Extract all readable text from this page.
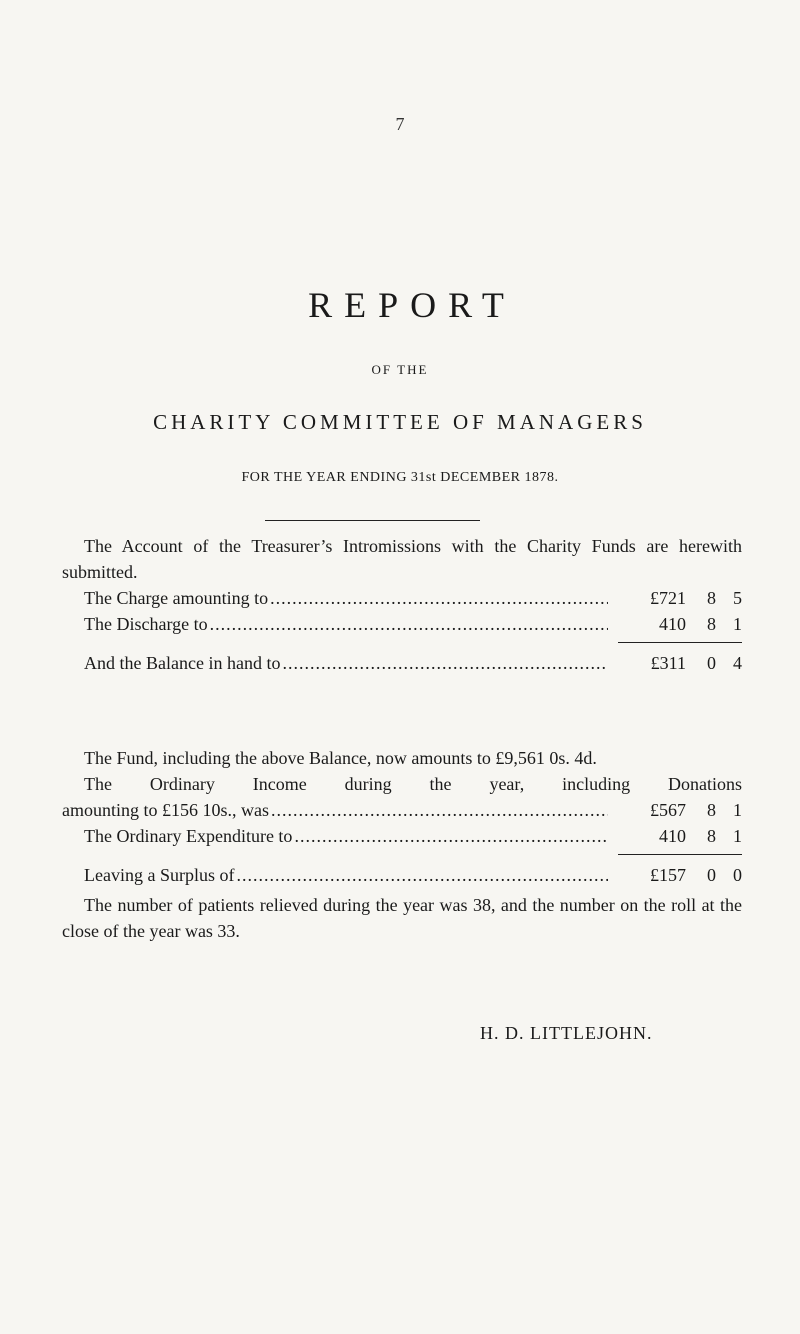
7
REPORT
OF THE
CHARITY COMMITTEE OF MANAGERS
FOR THE YEAR ENDING 31st DECEMBER 1878.
The Account of the Treasurer’s Intromissions with the Charity Funds are herewith submitted.
The Charge amounting to .....	£721	8 5
The Discharge to .....	410	8 1
And the Balance in hand to .....	£311	0 4
The Fund, including the above Balance, now amounts to £9,561 0s. 4d.
The Ordinary Income during the year, including Donations
amounting to £156 10s., was .....	£567	8 1
The Ordinary Expenditure to .....	410	8 1
Leaving a Surplus of .....	£157	0 0
The number of patients relieved during the year was 38, and the number on the roll at the close of the year was 33.
H. D. LITTLEJOHN.
